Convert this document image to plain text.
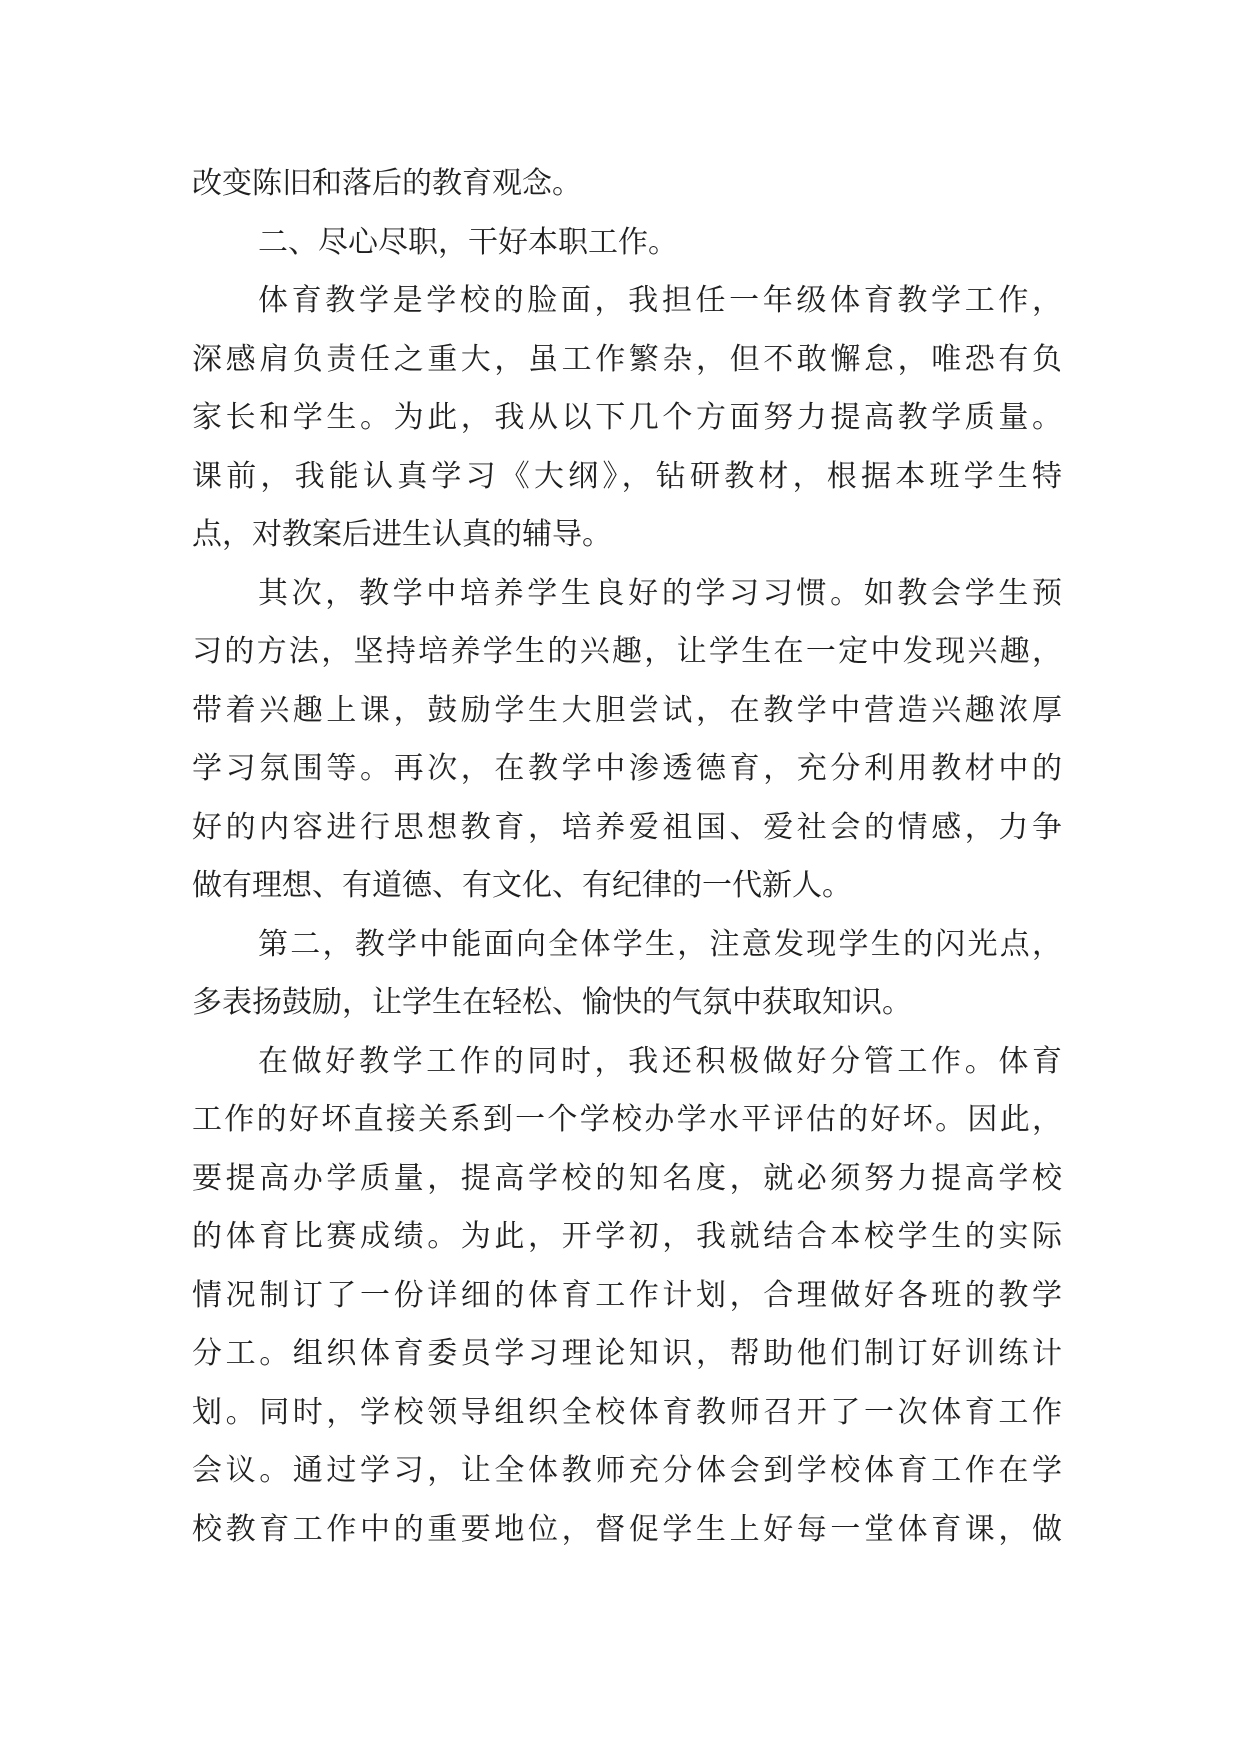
改变陈旧和落后的教育观念。
二、尽心尽职，干好本职工作。
体育教学是学校的脸面，我担任一年级体育教学工作，
深感肩负责任之重大，虽工作繁杂，但不敢懈怠，唯恐有负
家长和学生。为此，我从以下几个方面努力提高教学质量。
课前，我能认真学习《大纲》，钻研教材，根据本班学生特
点，对教案后进生认真的辅导。
其次，教学中培养学生良好的学习习惯。如教会学生预
习的方法，坚持培养学生的兴趣，让学生在一定中发现兴趣，
带着兴趣上课，鼓励学生大胆尝试，在教学中营造兴趣浓厚
学习氛围等。再次，在教学中渗透德育，充分利用教材中的
好的内容进行思想教育，培养爱祖国、爱社会的情感，力争
做有理想、有道德、有文化、有纪律的一代新人。
第二，教学中能面向全体学生，注意发现学生的闪光点，
多表扬鼓励，让学生在轻松、愉快的气氛中获取知识。
在做好教学工作的同时，我还积极做好分管工作。体育
工作的好坏直接关系到一个学校办学水平评估的好坏。因此，
要提高办学质量，提高学校的知名度，就必须努力提高学校
的体育比赛成绩。为此，开学初，我就结合本校学生的实际
情况制订了一份详细的体育工作计划，合理做好各班的教学
分工。组织体育委员学习理论知识，帮助他们制订好训练计
划。同时，学校领导组织全校体育教师召开了一次体育工作
会议。通过学习，让全体教师充分体会到学校体育工作在学
校教育工作中的重要地位，督促学生上好每一堂体育课，做
